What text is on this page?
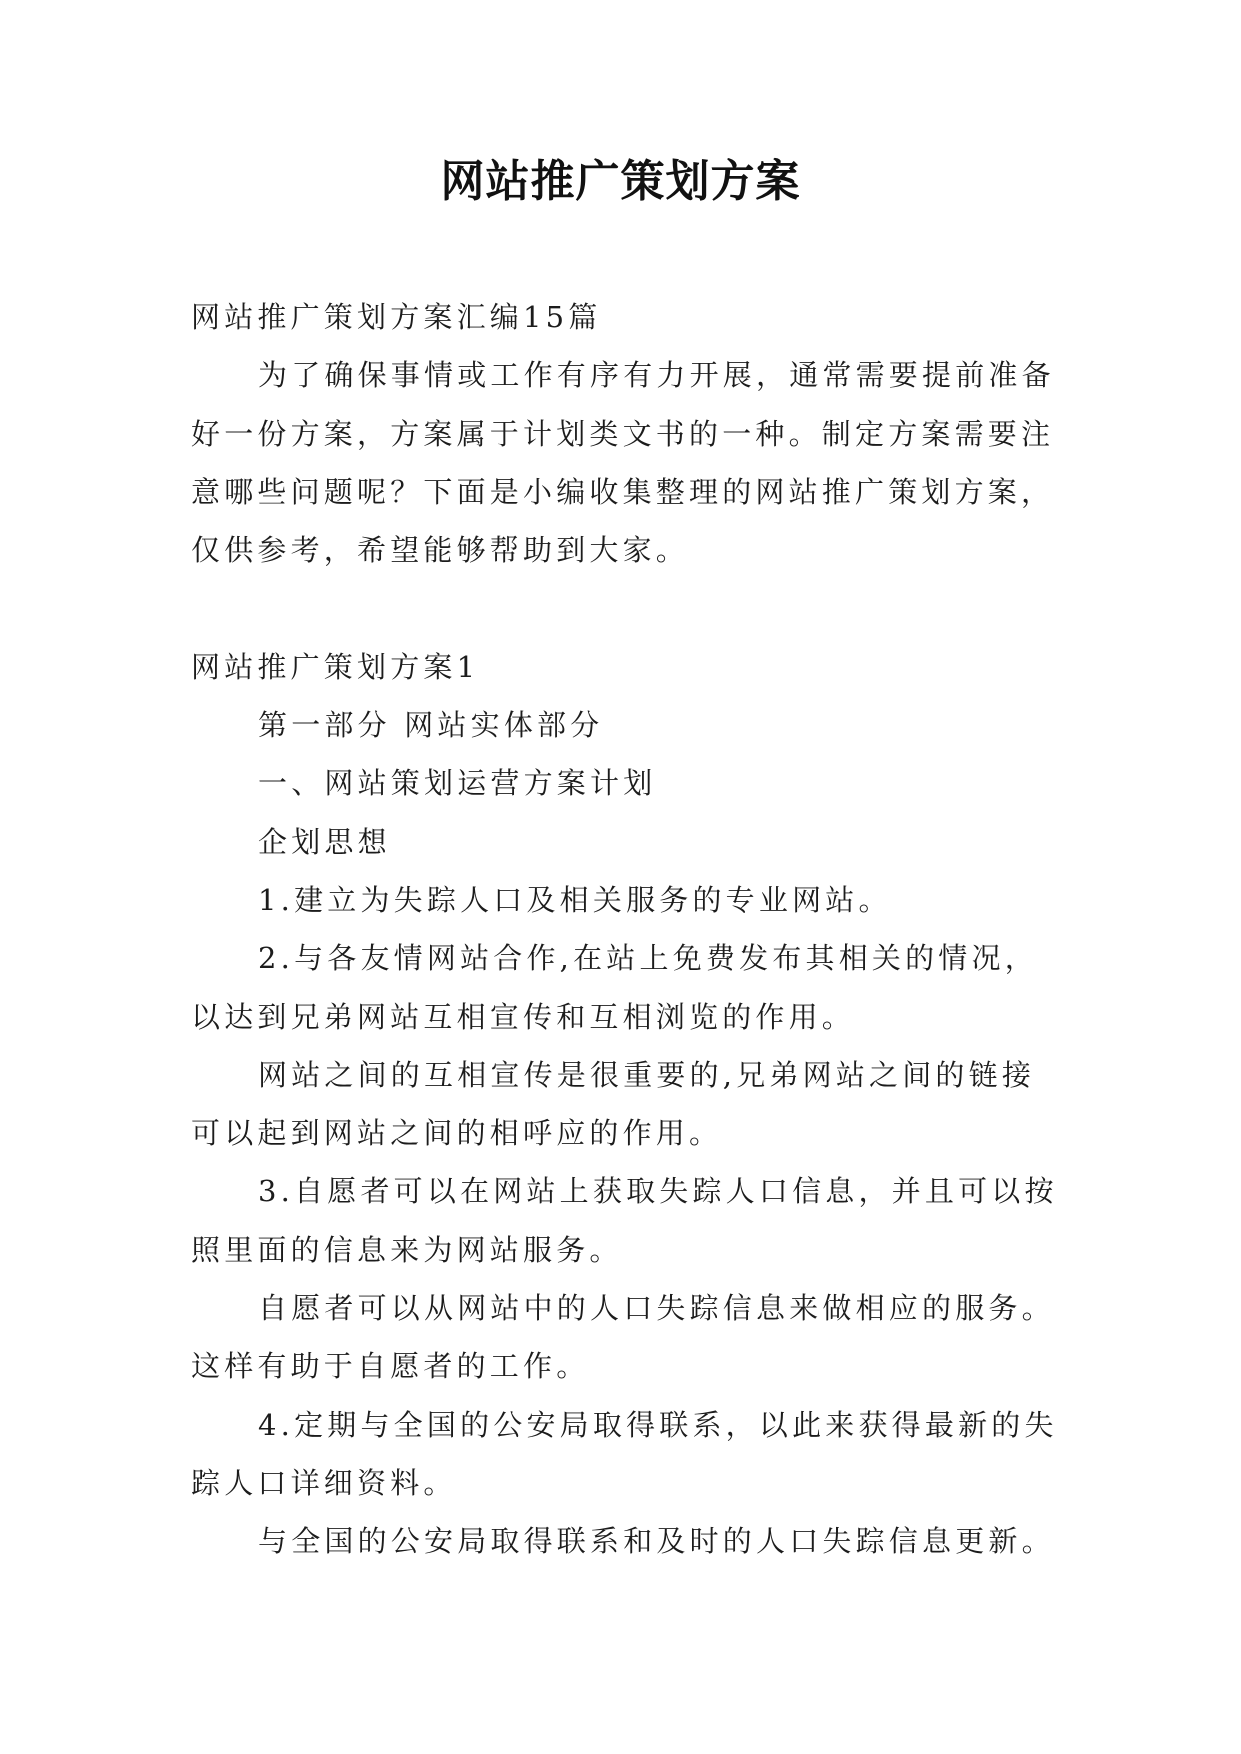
网站推广策划方案
网站推广策划方案汇编15篇
为了确保事情或工作有序有力开展，通常需要提前准备
好一份方案，方案属于计划类文书的一种。制定方案需要注
意哪些问题呢？下面是小编收集整理的网站推广策划方案，
仅供参考，希望能够帮助到大家。
网站推广策划方案1
第一部分 网站实体部分
一、网站策划运营方案计划
企划思想
1.建立为失踪人口及相关服务的专业网站。
2.与各友情网站合作,在站上免费发布其相关的情况，
以达到兄弟网站互相宣传和互相浏览的作用。
网站之间的互相宣传是很重要的,兄弟网站之间的链接
可以起到网站之间的相呼应的作用。
3.自愿者可以在网站上获取失踪人口信息，并且可以按
照里面的信息来为网站服务。
自愿者可以从网站中的人口失踪信息来做相应的服务。
这样有助于自愿者的工作。
4.定期与全国的公安局取得联系，以此来获得最新的失
踪人口详细资料。
与全国的公安局取得联系和及时的人口失踪信息更新。
